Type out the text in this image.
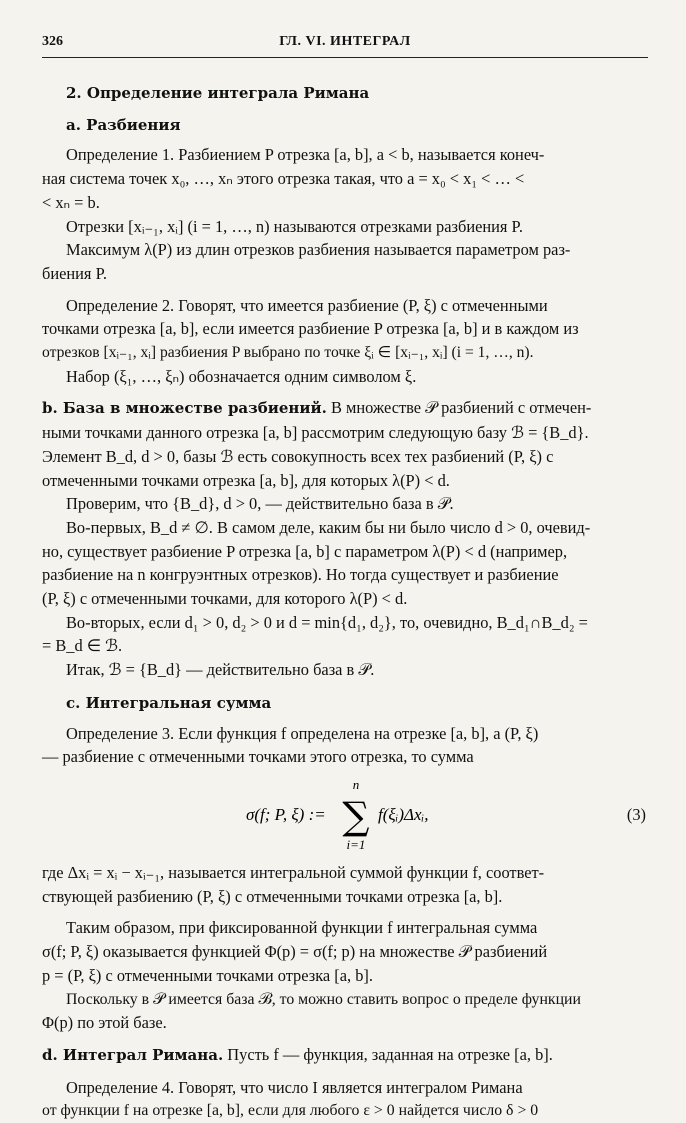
326	ГЛ. VI. ИНТЕГРАЛ
2. Определение интеграла Римана
a. Разбиения
Определение 1. Разбиением P отрезка [a, b], a < b, называется конеч-
ная система точек x₀, …, xₙ этого отрезка такая, что a = x₀ < x₁ < … <
< xₙ = b.
Отрезки [xᵢ₋₁, xᵢ] (i = 1, …, n) называются отрезками разбиения P.
Максимум λ(P) из длин отрезков разбиения называется параметром раз-
биения P.
Определение 2. Говорят, что имеется разбиение (P, ξ) с отмеченными
точками отрезка [a, b], если имеется разбиение P отрезка [a, b] и в каждом из
отрезков [xᵢ₋₁, xᵢ] разбиения P выбрано по точке ξᵢ ∈ [xᵢ₋₁, xᵢ] (i = 1, …, n).
Набор (ξ₁, …, ξₙ) обозначается одним символом ξ.
b. База в множестве разбиений. В множестве 𝒫 разбиений с отмечен-
ными точками данного отрезка [a, b] рассмотрим следующую базу ℬ = {B_d}.
Элемент B_d, d > 0, базы ℬ есть совокупность всех тех разбиений (P, ξ) с
отмеченными точками отрезка [a, b], для которых λ(P) < d.
Проверим, что {B_d}, d > 0, — действительно база в 𝒫.
Во-первых, B_d ≠ ∅. В самом деле, каким бы ни было число d > 0, очевид-
но, существует разбиение P отрезка [a, b] с параметром λ(P) < d (например,
разбиение на n конгруэнтных отрезков). Но тогда существует и разбиение
(P, ξ) с отмеченными точками, для которого λ(P) < d.
Во-вторых, если d₁ > 0, d₂ > 0 и d = min{d₁, d₂}, то, очевидно, B_d₁∩B_d₂ =
= B_d ∈ ℬ.
Итак, ℬ = {B_d} — действительно база в 𝒫.
c. Интегральная сумма
Определение 3. Если функция f определена на отрезке [a, b], а (P, ξ)
— разбиение с отмеченными точками этого отрезка, то сумма
σ(f; P, ξ) :=
n
∑
i=1
f(ξᵢ)Δxᵢ,	(3)
где Δxᵢ = xᵢ − xᵢ₋₁, называется интегральной суммой функции f, соответ-
ствующей разбиению (P, ξ) с отмеченными точками отрезка [a, b].
Таким образом, при фиксированной функции f интегральная сумма
σ(f; P, ξ) оказывается функцией Φ(p) = σ(f; p) на множестве 𝒫 разбиений
p = (P, ξ) с отмеченными точками отрезка [a, b].
Поскольку в 𝒫 имеется база ℬ, то можно ставить вопрос о пределе функции
Φ(p) по этой базе.
d. Интеграл Римана. Пусть f — функция, заданная на отрезке [a, b].
Определение 4. Говорят, что число I является интегралом Римана
от функции f на отрезке [a, b], если для любого ε > 0 найдется число δ > 0
